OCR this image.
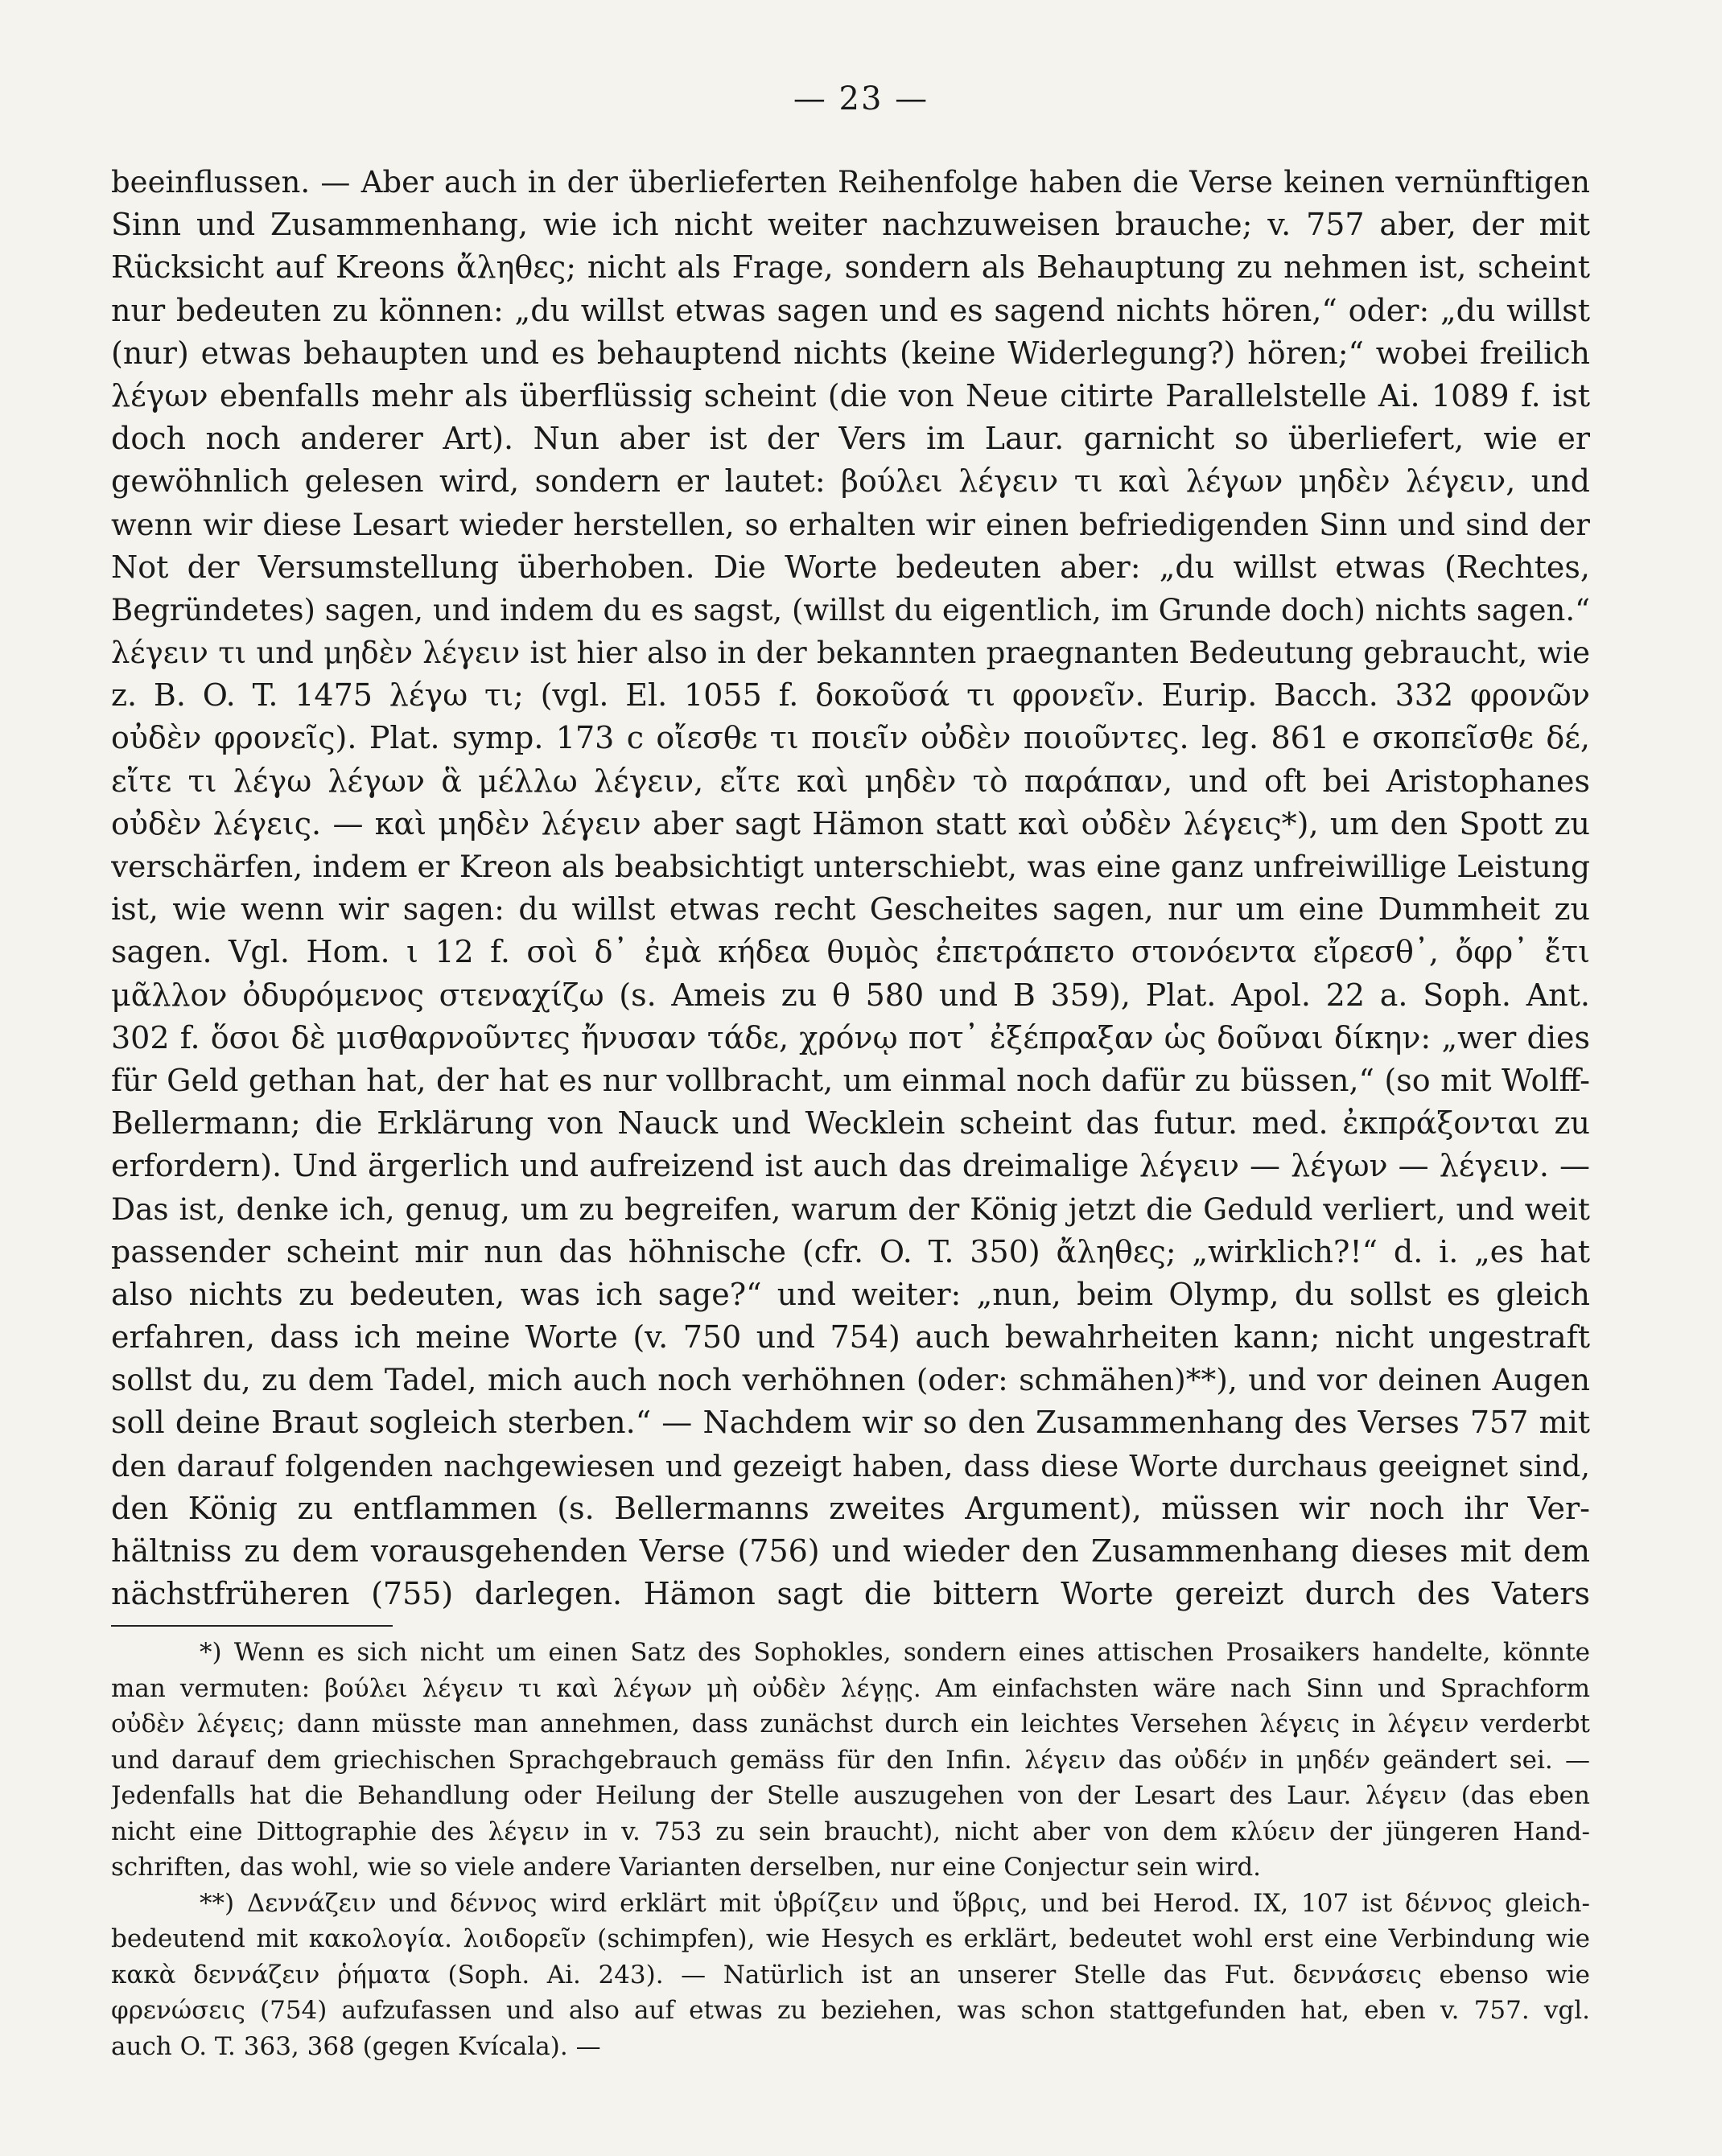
— 23 —
beeinflussen. — Aber auch in der überlieferten Reihenfolge haben die Verse keinen vernünftigen
Sinn und Zusammenhang, wie ich nicht weiter nachzuweisen brauche; v. 757 aber, der mit
Rücksicht auf Kreons ἄληθες; nicht als Frage, sondern als Behauptung zu nehmen ist, scheint
nur bedeuten zu können: „du willst etwas sagen und es sagend nichts hören,“ oder: „du willst
(nur) etwas behaupten und es behauptend nichts (keine Widerlegung?) hören;“ wobei freilich
λέγων ebenfalls mehr als überflüssig scheint (die von Neue citirte Parallelstelle Ai. 1089 f. ist
doch noch anderer Art). Nun aber ist der Vers im Laur. garnicht so überliefert, wie er
gewöhnlich gelesen wird, sondern er lautet: βούλει λέγειν τι καὶ λέγων μηδὲν λέγειν, und
wenn wir diese Lesart wieder herstellen, so erhalten wir einen befriedigenden Sinn und sind der
Not der Versumstellung überhoben. Die Worte bedeuten aber: „du willst etwas (Rechtes,
Begründetes) sagen, und indem du es sagst, (willst du eigentlich, im Grunde doch) nichts sagen.“
λέγειν τι und μηδὲν λέγειν ist hier also in der bekannten praegnanten Bedeutung gebraucht, wie
z. B. O. T. 1475 λέγω τι; (vgl. El. 1055 f. δοκοῦσά τι φρονεῖν. Eurip. Bacch. 332 φρονῶν
οὐδὲν φρονεῖς). Plat. symp. 173 c οἴεσθε τι ποιεῖν οὐδὲν ποιοῦντες. leg. 861 e σκοπεῖσθε δέ,
εἴτε τι λέγω λέγων ἃ μέλλω λέγειν, εἴτε καὶ μηδὲν τὸ παράπαν, und oft bei Aristophanes
οὐδὲν λέγεις. — καὶ μηδὲν λέγειν aber sagt Hämon statt καὶ οὐδὲν λέγεις*), um den Spott zu
verschärfen, indem er Kreon als beabsichtigt unterschiebt, was eine ganz unfreiwillige Leistung
ist, wie wenn wir sagen: du willst etwas recht Gescheites sagen, nur um eine Dummheit zu
sagen. Vgl. Hom. ι 12 f. σοὶ δ᾽ ἐμὰ κήδεα θυμὸς ἐπετράπετο στονόεντα εἴρεσθ᾽, ὄφρ᾽ ἔτι
μᾶλλον ὀδυρόμενος στεναχίζω (s. Ameis zu θ 580 und Β 359), Plat. Apol. 22 a. Soph. Ant.
302 f. ὅσοι δὲ μισθαρνοῦντες ἤνυσαν τάδε, χρόνῳ ποτ᾽ ἐξέπραξαν ὡς δοῦναι δίκην: „wer dies
für Geld gethan hat, der hat es nur vollbracht, um einmal noch dafür zu büssen,“ (so mit Wolff-
Bellermann; die Erklärung von Nauck und Wecklein scheint das futur. med. ἐκπράξονται zu
erfordern). Und ärgerlich und aufreizend ist auch das dreimalige λέγειν — λέγων — λέγειν. —
Das ist, denke ich, genug, um zu begreifen, warum der König jetzt die Geduld verliert, und weit
passender scheint mir nun das höhnische (cfr. O. T. 350) ἄληθες; „wirklich?!“ d. i. „es hat
also nichts zu bedeuten, was ich sage?“ und weiter: „nun, beim Olymp, du sollst es gleich
erfahren, dass ich meine Worte (v. 750 und 754) auch bewahrheiten kann; nicht ungestraft
sollst du, zu dem Tadel, mich auch noch verhöhnen (oder: schmähen)**), und vor deinen Augen
soll deine Braut sogleich sterben.“ — Nachdem wir so den Zusammenhang des Verses 757 mit
den darauf folgenden nachgewiesen und gezeigt haben, dass diese Worte durchaus geeignet sind,
den König zu entflammen (s. Bellermanns zweites Argument), müssen wir noch ihr Ver-
hältniss zu dem vorausgehenden Verse (756) und wieder den Zusammenhang dieses mit dem
nächstfrüheren (755) darlegen. Hämon sagt die bittern Worte gereizt durch des Vaters
*) Wenn es sich nicht um einen Satz des Sophokles, sondern eines attischen Prosaikers handelte, könnte
man vermuten: βούλει λέγειν τι καὶ λέγων μὴ οὐδὲν λέγῃς. Am einfachsten wäre nach Sinn und Sprachform
οὐδὲν λέγεις; dann müsste man annehmen, dass zunächst durch ein leichtes Versehen λέγεις in λέγειν verderbt
und darauf dem griechischen Sprachgebrauch gemäss für den Infin. λέγειν das οὐδέν in μηδέν geändert sei. —
Jedenfalls hat die Behandlung oder Heilung der Stelle auszugehen von der Lesart des Laur. λέγειν (das eben
nicht eine Dittographie des λέγειν in v. 753 zu sein braucht), nicht aber von dem κλύειν der jüngeren Hand-
schriften, das wohl, wie so viele andere Varianten derselben, nur eine Conjectur sein wird.
**) Δεννάζειν und δέννος wird erklärt mit ὑβρίζειν und ὕβρις, und bei Herod. IX, 107 ist δέννος gleich-
bedeutend mit κακολογία. λοιδορεῖν (schimpfen), wie Hesych es erklärt, bedeutet wohl erst eine Verbindung wie
κακὰ δεννάζειν ῥήματα (Soph. Ai. 243). — Natürlich ist an unserer Stelle das Fut. δεννάσεις ebenso wie
φρενώσεις (754) aufzufassen und also auf etwas zu beziehen, was schon stattgefunden hat, eben v. 757. vgl.
auch O. T. 363, 368 (gegen Kvícala). —
